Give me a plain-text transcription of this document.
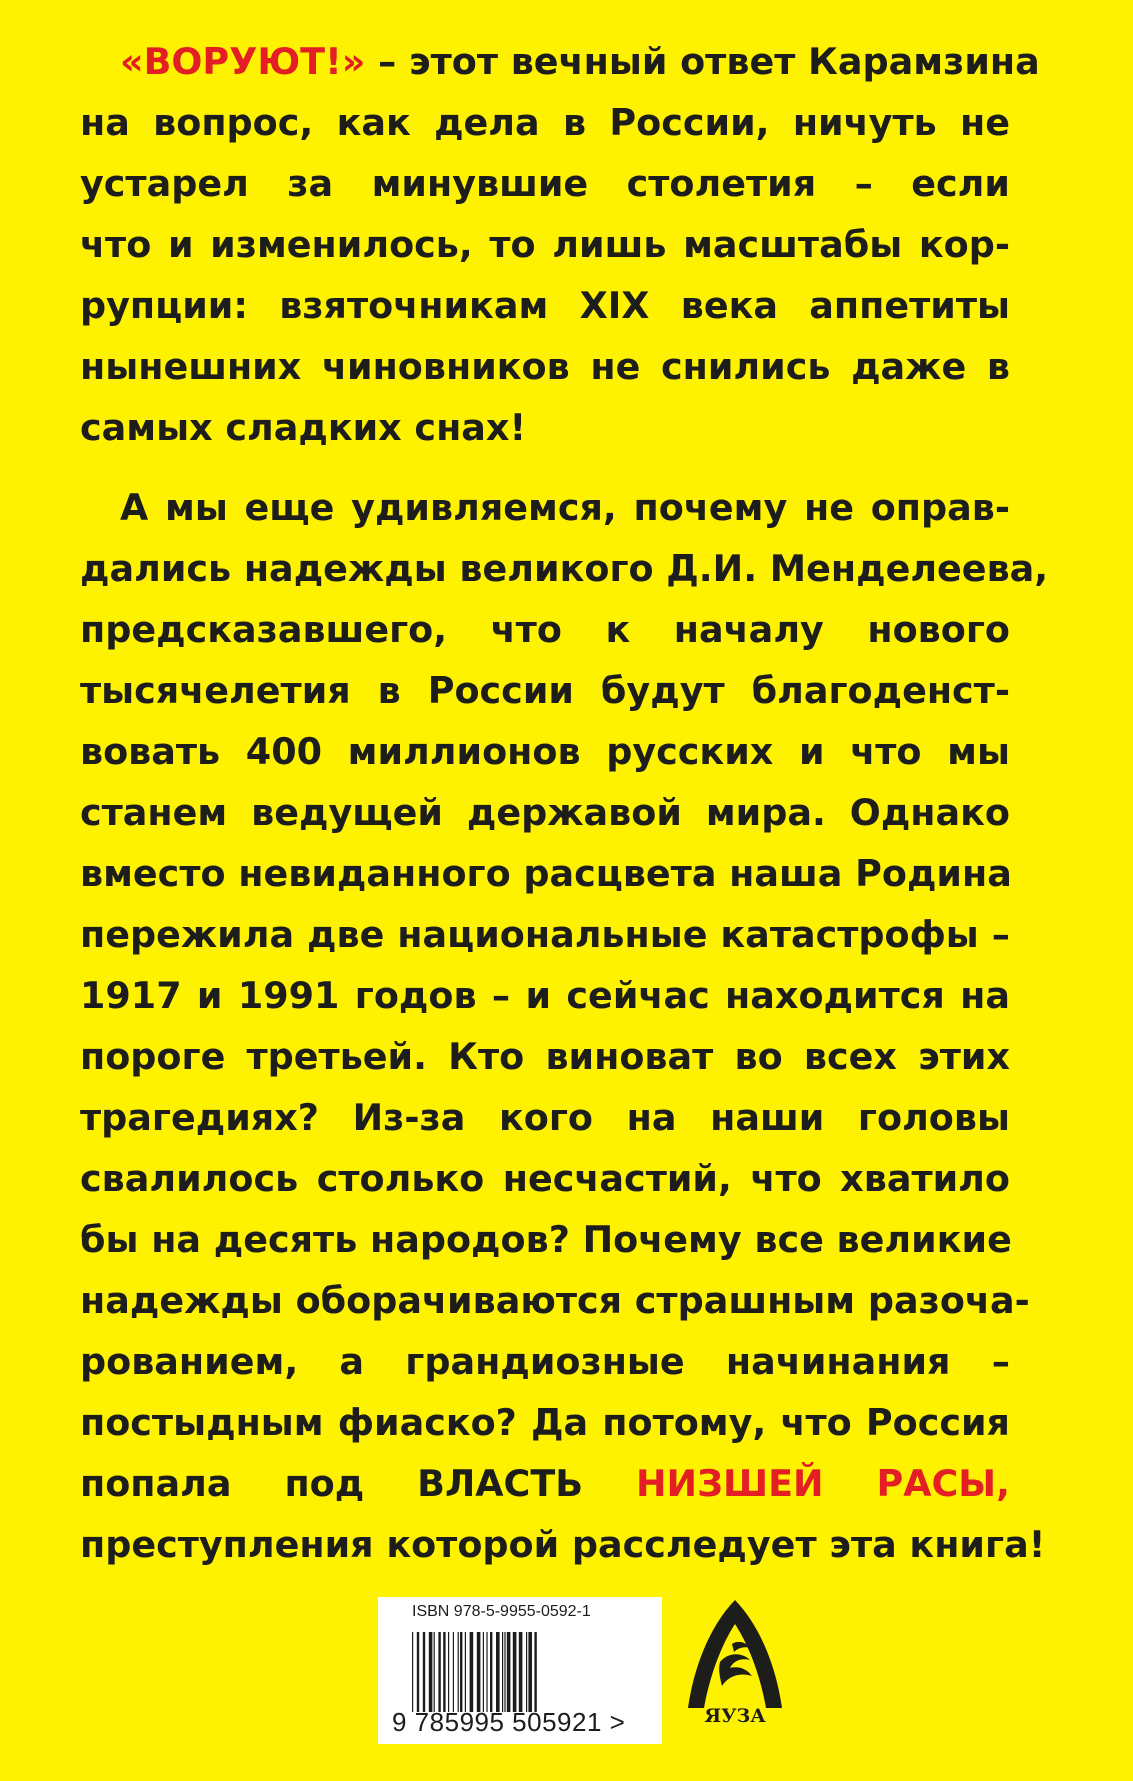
«ВОРУЮТ!» – этот вечный ответ Карамзина
на вопрос, как дела в России, ничуть не
устарел за минувшие столетия – если
что и изменилось, то лишь масштабы кор-
рупции: взяточникам XIX века аппетиты
нынешних чиновников не снились даже в
самых сладких снах!
А мы еще удивляемся, почему не оправ-
дались надежды великого Д.И. Менделеева,
предсказавшего, что к началу нового
тысячелетия в России будут благоденст-
вовать 400 миллионов русских и что мы
станем ведущей державой мира. Однако
вместо невиданного расцвета наша Родина
пережила две национальные катастрофы –
1917 и 1991 годов – и сейчас находится на
пороге третьей. Кто виноват во всех этих
трагедиях? Из-за кого на наши головы
свалилось столько несчастий, что хватило
бы на десять народов? Почему все великие
надежды оборачиваются страшным разоча-
рованием, а грандиозные начинания –
постыдным фиаско? Да потому, что Россия
попала под ВЛАСТЬ НИЗШЕЙ РАСЫ,
преступления которой расследует эта книга!
ISBN 978-5-9955-0592-1
9 785995 505921 >	ЯУЗА
